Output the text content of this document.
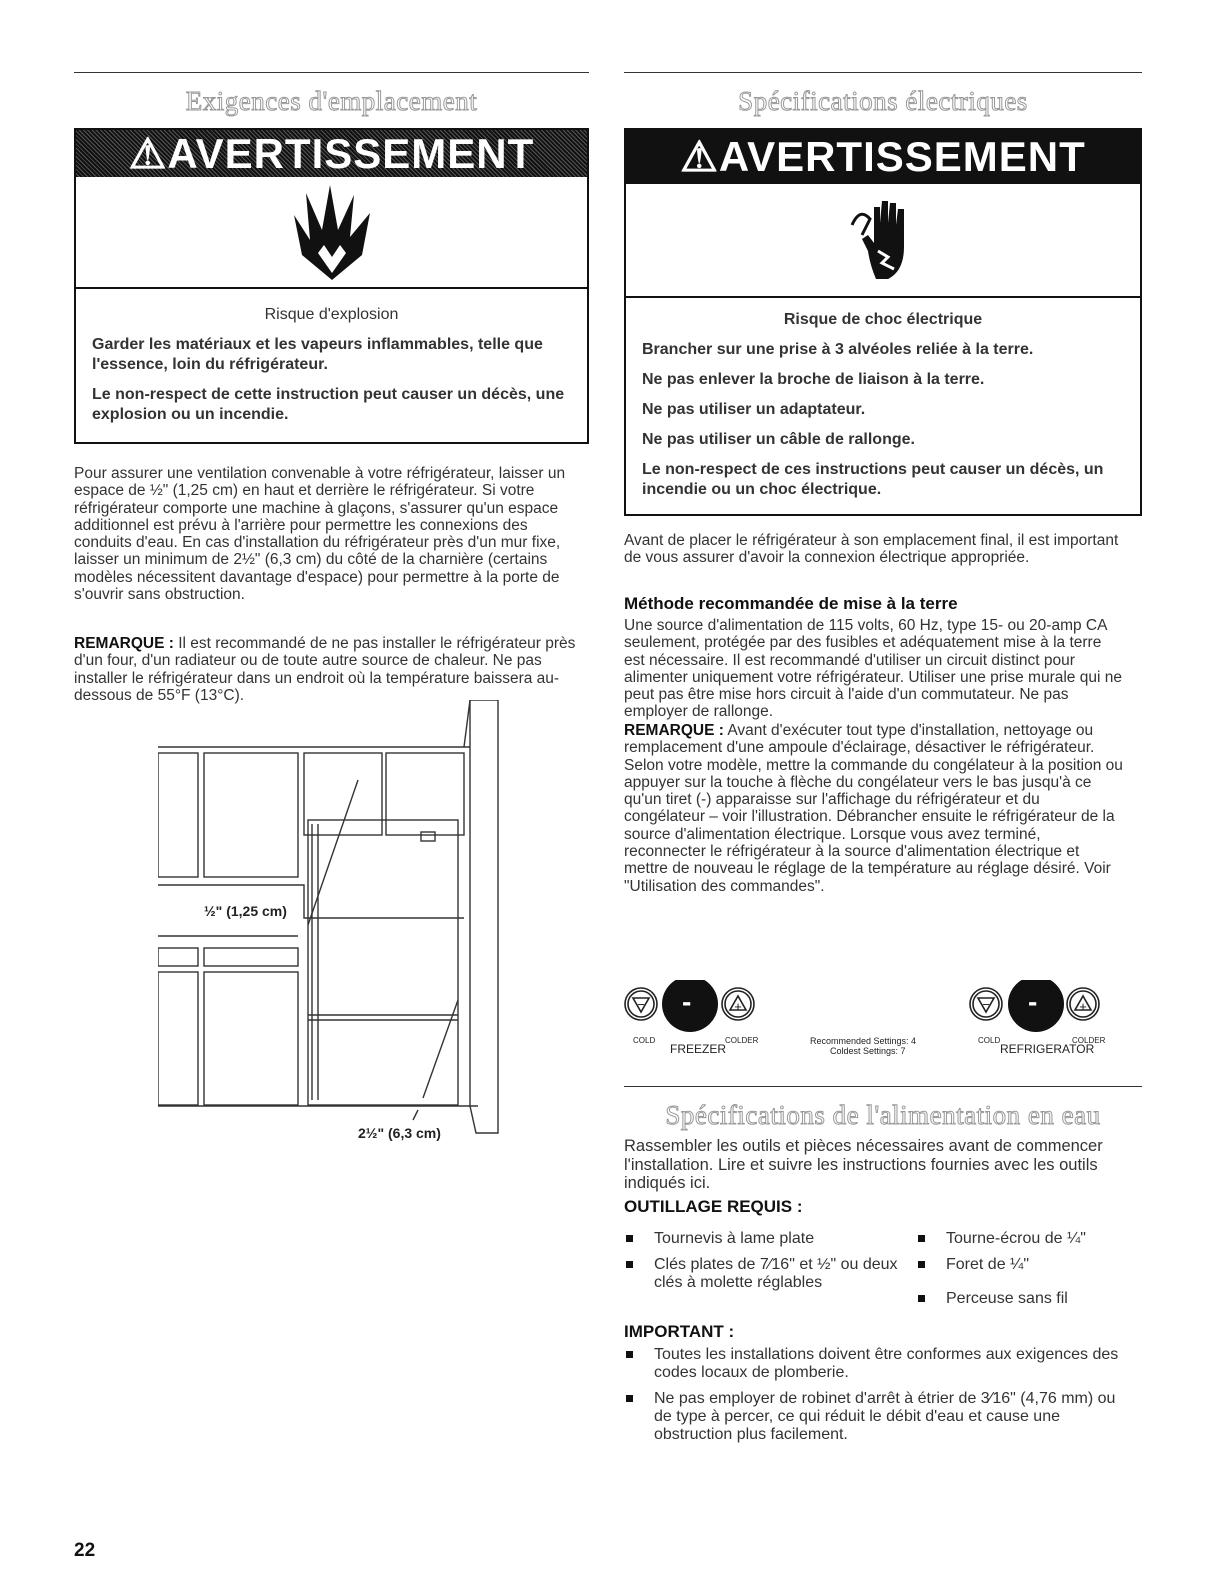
Exigences d'emplacement
⚠AVERTISSEMENT

Risque d'explosion

Garder les matériaux et les vapeurs inflammables, telle que l'essence, loin du réfrigérateur.

Le non-respect de cette instruction peut causer un décès, une explosion ou un incendie.

Pour assurer une ventilation convenable à votre réfrigérateur, laisser un espace de ½" (1,25 cm) en haut et derrière le réfrigérateur. Si votre réfrigérateur comporte une machine à glaçons, s'assurer qu'un espace additionnel est prévu à l'arrière pour permettre les connexions des conduits d'eau. En cas d'installation du réfrigérateur près d'un mur fixe, laisser un minimum de 2½" (6,3 cm) du côté de la charnière (certains modèles nécessitent davantage d'espace) pour permettre à la porte de s'ouvrir sans obstruction.

REMARQUE : Il est recommandé de ne pas installer le réfrigérateur près d'un four, d'un radiateur ou de toute autre source de chaleur. Ne pas installer le réfrigérateur dans un endroit où la température baissera au-dessous de 55°F (13°C).

½" (1,25 cm)
2½" (6,3 cm)
Spécifications électriques
⚠AVERTISSEMENT

Risque de choc électrique

Brancher sur une prise à 3 alvéoles reliée à la terre.

Ne pas enlever la broche de liaison à la terre.

Ne pas utiliser un adaptateur.

Ne pas utiliser un câble de rallonge.

Le non-respect de ces instructions peut causer un décès, un incendie ou un choc électrique.

Avant de placer le réfrigérateur à son emplacement final, il est important de vous assurer d'avoir la connexion électrique appropriée.

Méthode recommandée de mise à la terre

Une source d'alimentation de 115 volts, 60 Hz, type 15- ou 20-amp CA seulement, protégée par des fusibles et adéquatement mise à la terre est nécessaire. Il est recommandé d'utiliser un circuit distinct pour alimenter uniquement votre réfrigérateur. Utiliser une prise murale qui ne peut pas être mise hors circuit à l'aide d'un commutateur. Ne pas employer de rallonge.

REMARQUE : Avant d'exécuter tout type d'installation, nettoyage ou remplacement d'une ampoule d'éclairage, désactiver le réfrigérateur. Selon votre modèle, mettre la commande du congélateur à la position ou appuyer sur la touche à flèche du congélateur vers le bas jusqu'à ce qu'un tiret (-) apparaisse sur l'affichage du réfrigérateur et du congélateur – voir l'illustration. Débrancher ensuite le réfrigérateur de la source d'alimentation électrique. Lorsque vous avez terminé, reconnecter le réfrigérateur à la source d'alimentation électrique et mettre de nouveau le réglage de la température au réglage désiré. Voir "Utilisation des commandes".

−	+	−	+
-	-
COLD
FREEZER
COLDER	Recommended Settings: 4
Coldest Settings: 7
COLD
REFRIGERATOR
COLDER
Spécifications de l'alimentation en eau

Rassembler les outils et pièces nécessaires avant de commencer l'installation. Lire et suivre les instructions fournies avec les outils indiqués ici.

OUTILLAGE REQUIS :
Tournevis à lame plate
Clés plates de 7⁄16" et ½" ou deux clés à molette réglables
Tourne-écrou de ¼"
Foret de ¼"
Perceuse sans fil
IMPORTANT :
Toutes les installations doivent être conformes aux exigences des codes locaux de plomberie.
Ne pas employer de robinet d'arrêt à étrier de 3⁄16" (4,76 mm) ou de type à percer, ce qui réduit le débit d'eau et cause une obstruction plus facilement.
22
